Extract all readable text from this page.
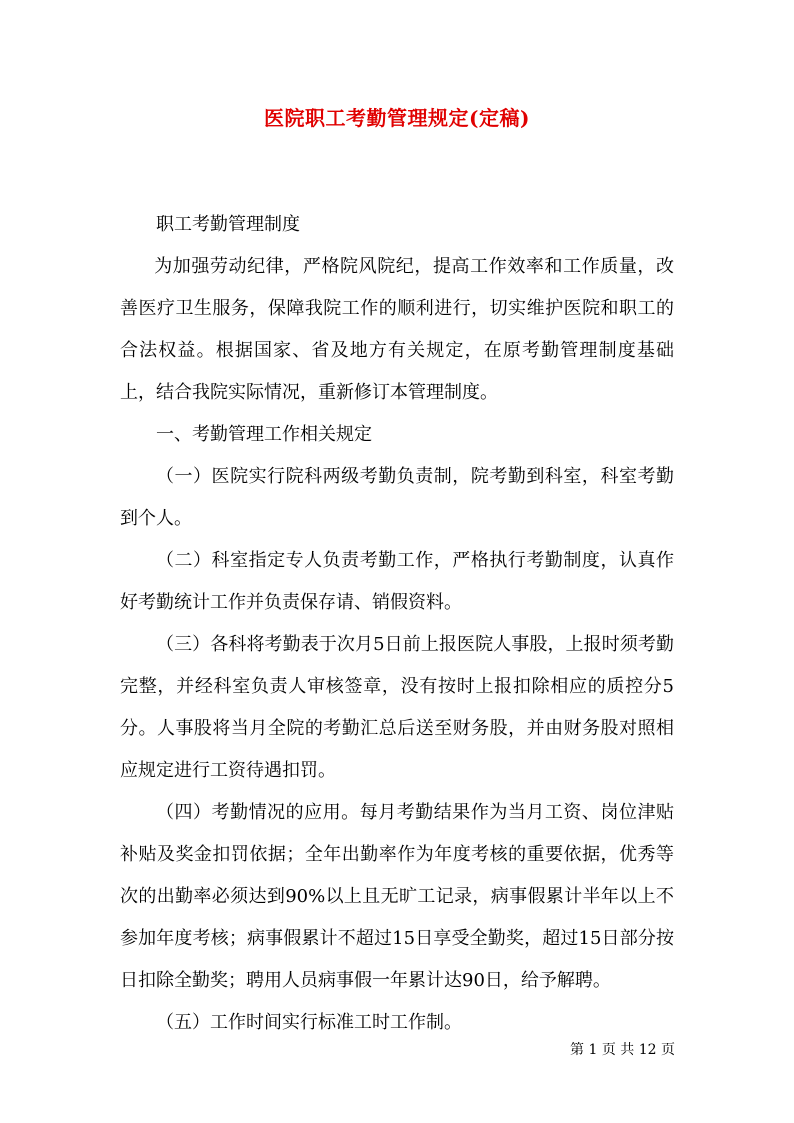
医院职工考勤管理规定(定稿)

职工考勤管理制度

为加强劳动纪律，严格院风院纪，提高工作效率和工作质量，改善医疗卫生服务，保障我院工作的顺利进行，切实维护医院和职工的合法权益。根据国家、省及地方有关规定，在原考勤管理制度基础上，结合我院实际情况，重新修订本管理制度。

一、考勤管理工作相关规定

（一）医院实行院科两级考勤负责制，院考勤到科室，科室考勤到个人。

（二）科室指定专人负责考勤工作，严格执行考勤制度，认真作好考勤统计工作并负责保存请、销假资料。

（三）各科将考勤表于次月5日前上报医院人事股，上报时须考勤完整，并经科室负责人审核签章，没有按时上报扣除相应的质控分5分。人事股将当月全院的考勤汇总后送至财务股，并由财务股对照相应规定进行工资待遇扣罚。

（四）考勤情况的应用。每月考勤结果作为当月工资、岗位津贴补贴及奖金扣罚依据；全年出勤率作为年度考核的重要依据，优秀等次的出勤率必须达到90%以上且无旷工记录，病事假累计半年以上不参加年度考核；病事假累计不超过15日享受全勤奖，超过15日部分按日扣除全勤奖；聘用人员病事假一年累计达90日，给予解聘。

（五）工作时间实行标准工时工作制。

第 1 页 共 12 页
